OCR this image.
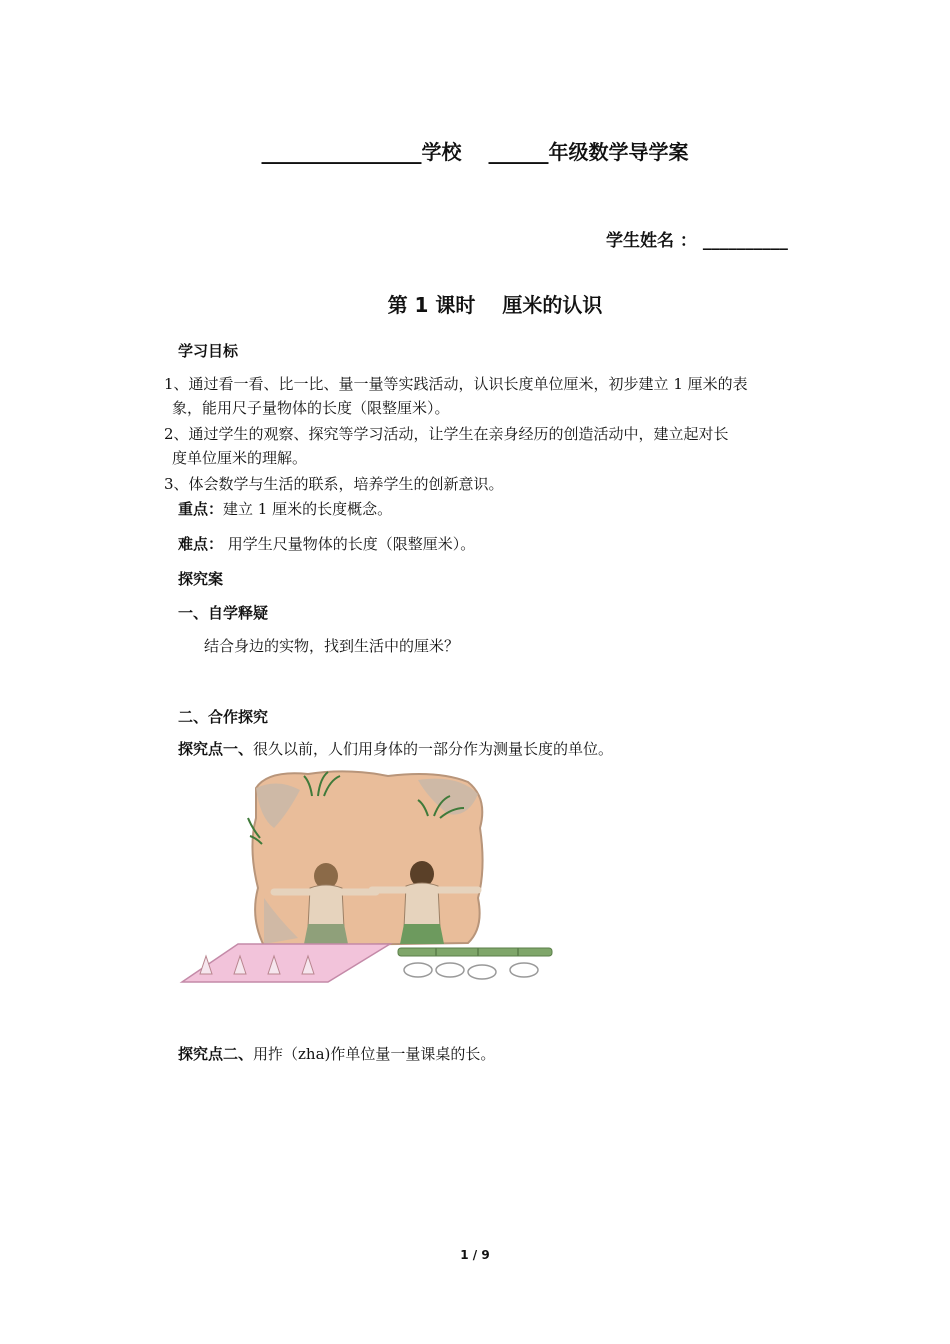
________________学校　 ______年级数学导学案
学生姓名 ： __________
第 1 课时　 厘米的认识
学习目标
1、通过看一看、比一比、量一量等实践活动，认识长度单位厘米，初步建立 1 厘米的表
象，能用尺子量物体的长度（限整厘米）。
2、通过学生的观察、探究等学习活动，让学生在亲身经历的创造活动中，建立起对长
度单位厘米的理解。
3、体会数学与生活的联系，培养学生的创新意识。
重点：建立 1 厘米的长度概念。
难点： 用学生尺量物体的长度（限整厘米）。
探究案
一、自学释疑
结合身边的实物，找到生活中的厘米？
二、合作探究
探究点一、很久以前，人们用身体的一部分作为测量长度的单位。
探究点二、用拃（zha)作单位量一量课桌的长。
1 / 9
